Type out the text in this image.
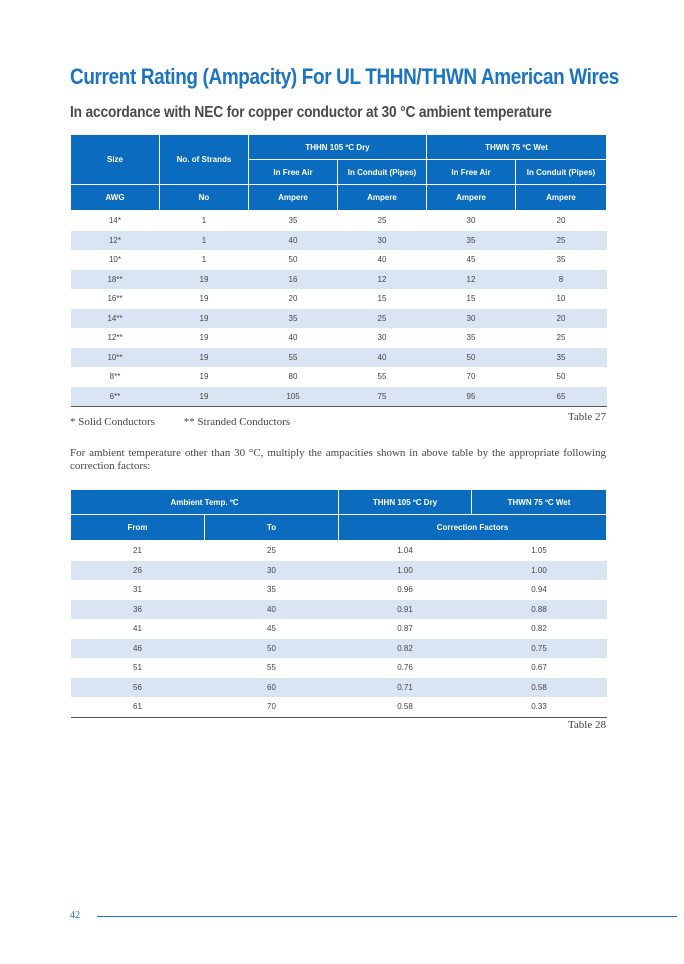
Current Rating (Ampacity) For UL THHN/THWN American Wires
In accordance with NEC for copper conductor at 30 °C ambient temperature
Size	No. of Strands	THHN 105 ºC Dry		THWN 75 ºC Wet	
		In Free Air	In Conduit (Pipes)	In Free Air	In Conduit (Pipes)
AWG	No	Ampere	Ampere	Ampere	Ampere
14*	1	35	25	30	20
12*	1	40	30	35	25
10*	1	50	40	45	35
18**	19	16	12	12	8
16**	19	20	15	15	10
14**	19	35	25	30	20
12**	19	40	30	35	25
10**	19	55	40	50	35
8**	19	80	55	70	50
6**	19	105	75	95	65
* Solid Conductors	** Stranded Conductors	Table 27

For ambient temperature other than 30 °C, multiply the ampacities shown in above table by the appropriate following correction factors:

Ambient Temp. ºC		THHN 105 ºC Dry	THWN 75 ºC Wet
From	To	Correction Factors	
21	25	1.04	1.05
26	30	1.00	1.00
31	35	0.96	0.94
36	40	0.91	0.88
41	45	0.87	0.82
46	50	0.82	0.75
51	55	0.76	0.67
56	60	0.71	0.58
61	70	0.58	0.33
Table 28
42
